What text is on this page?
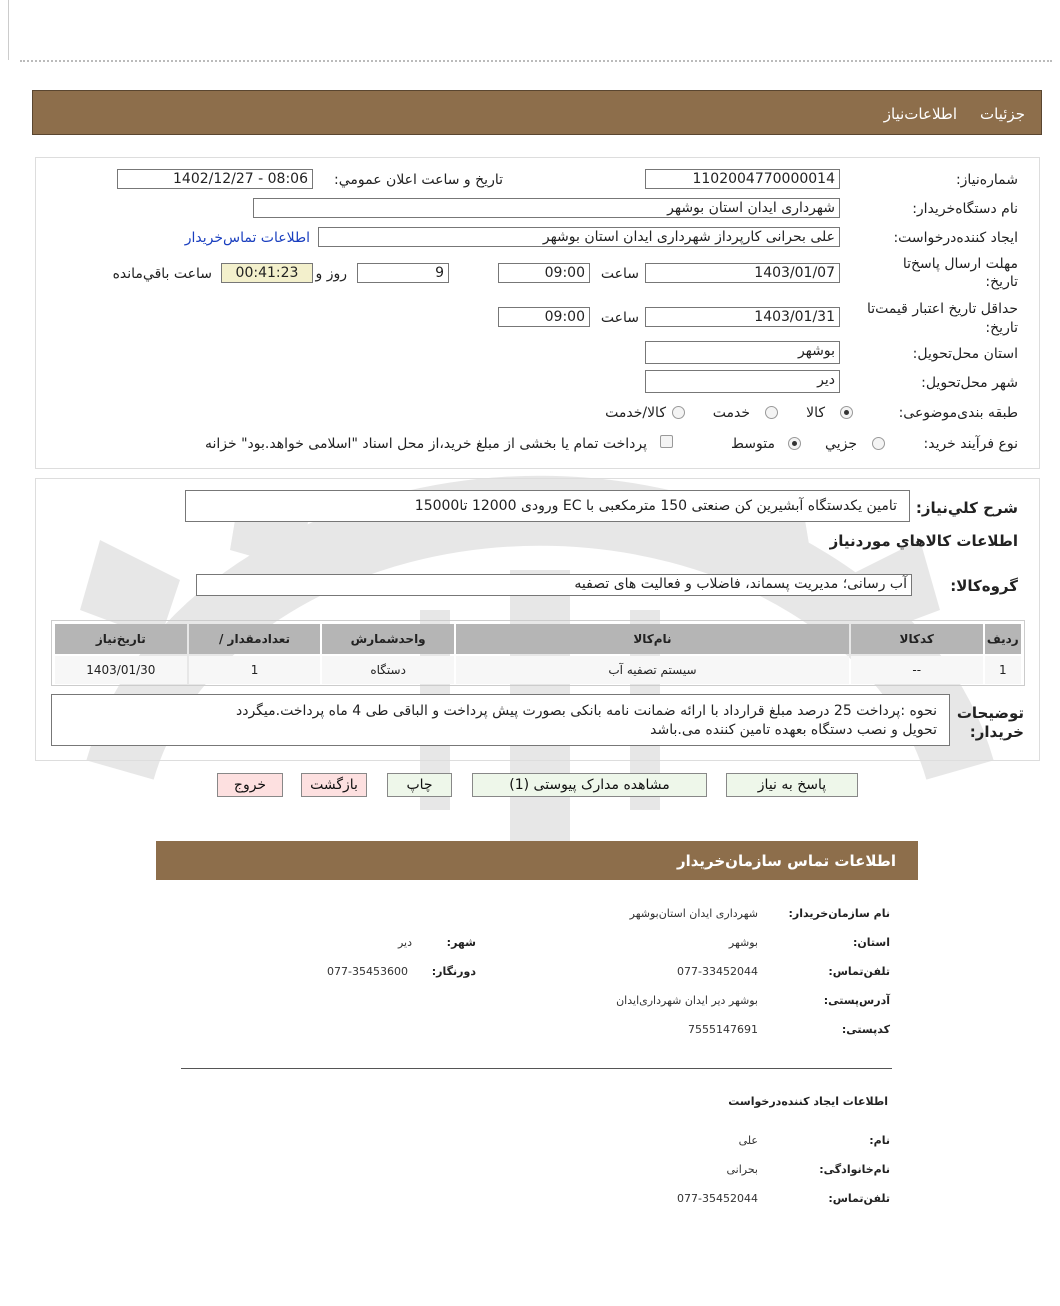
جزئيات
اطلاعات‌نياز
شماره‌نياز:
1102004770000014
تاريخ و ساعت اعلان عمومي:
1402/12/27 - 08:06
نام دستگاه‌خريدار:
شهرداری ایدان استان بوشهر
ايجاد کننده‌درخواست:
علی بحرانی کارپرداز شهرداری ایدان استان بوشهر
اطلاعات تماس‌خريدار
مهلت ارسال پاسخ‌تا تاريخ:
1403/01/07
ساعت
09:00
9
روز و
00:41:23
ساعت باقي‌مانده
حداقل تاريخ اعتبار قيمت‌تا تاريخ:
1403/01/31
ساعت
09:00
استان محل‌تحويل:
بوشهر
شهر محل‌تحويل:
دیر
طبقه بندی‌موضوعی:
کالا
خدمت
کالا/خدمت
نوع فرآيند خريد:
جزيي
متوسط
پرداخت تمام يا بخشی از مبلغ خريد،از محل اسناد "اسلامی خواهد.بود" خزانه
شرح کلي‌نياز:
تامین یکدستگاه آبشیرین کن صنعتی 150 مترمکعبی با EC ورودی 12000 تا15000
اطلاعات کالاهاي موردنياز
گروه‌کالا:
آب رسانی؛ مدیریت پسماند، فاضلاب و فعالیت های تصفیه
رديف	کدکالا	نام‌کالا	واحدشمارش	تعدادمقدار /	تاريخ‌نياز
1	--	سیستم تصفیه آب	دستگاه	1	1403/01/30
توضيحات خريدار:
نحوه :پرداخت 25 درصد مبلغ قرارداد با ارائه ضمانت نامه بانکی بصورت پیش پرداخت و الباقی طی 4 ماه پرداخت.میگردد
تحویل و نصب دستگاه بعهده تامین کننده می.باشد
پاسخ به نياز
مشاهده مدارک پيوستی (1)
چاپ
بازگشت
خروج
اطلاعات تماس سازمان‌خريدار
نام سازمان‌خريدار:
شهرداری ایدان استان‌بوشهر
استان:
بوشهر
شهر:
دیر
تلفن‌تماس:
077-33452044
دورنگار:
077-35453600
آدرس‌پستی:
بوشهر دیر ایدان شهرداری‌ایدان
کدپستی:
7555147691
اطلاعات ايجاد کننده‌درخواست
نام:
علی
نام‌خانوادگی:
بحرانی
تلفن‌تماس:
077-35452044
